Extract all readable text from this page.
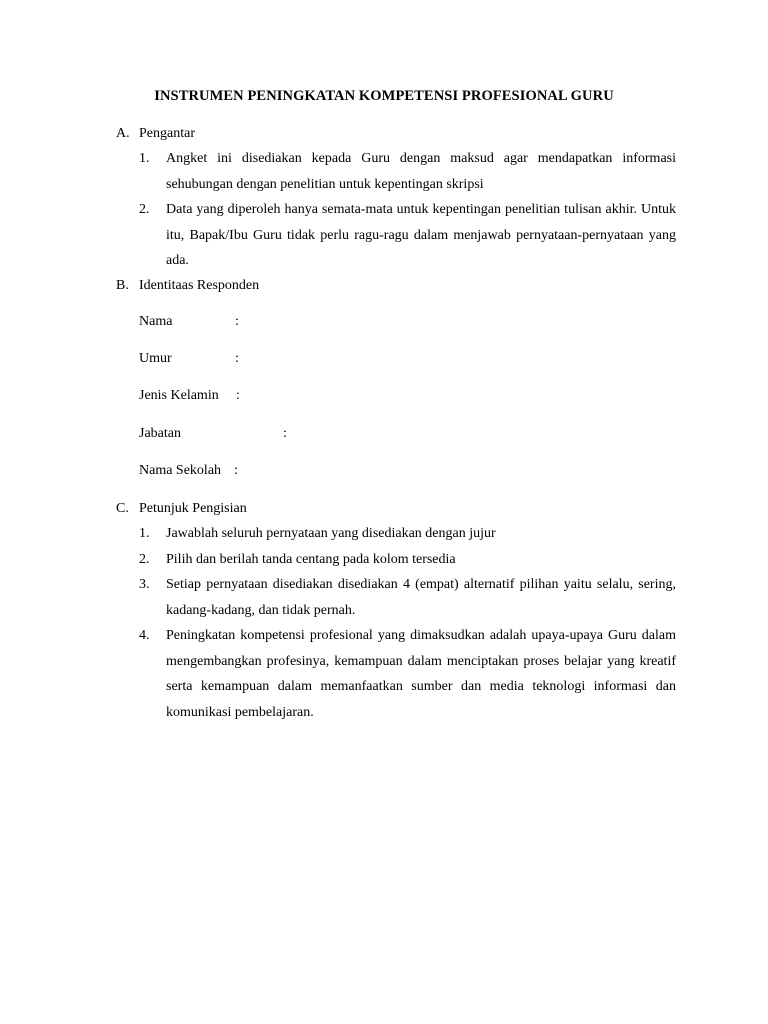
INSTRUMEN PENINGKATAN KOMPETENSI PROFESIONAL GURU
A. Pengantar
1.	Angket ini disediakan kepada Guru dengan maksud agar mendapatkan informasi sehubungan dengan penelitian untuk kepentingan skripsi
2.	Data yang diperoleh hanya semata-mata untuk kepentingan penelitian tulisan akhir. Untuk itu, Bapak/Ibu Guru tidak perlu ragu-ragu dalam menjawab pernyataan-pernyataan yang ada.
B. Identitaas Responden
Nama	:
Umur	:
Jenis Kelamin :
Jabatan	:
Nama Sekolah :
C. Petunjuk Pengisian
1.	Jawablah seluruh pernyataan yang disediakan dengan jujur
2.	Pilih dan berilah tanda centang pada kolom tersedia
3.	Setiap pernyataan disediakan disediakan 4 (empat) alternatif pilihan yaitu selalu, sering, kadang-kadang, dan tidak pernah.
4.	Peningkatan kompetensi profesional yang dimaksudkan adalah upaya-upaya Guru dalam mengembangkan profesinya, kemampuan dalam menciptakan proses belajar yang kreatif serta kemampuan dalam memanfaatkan sumber dan media teknologi informasi dan komunikasi pembelajaran.
